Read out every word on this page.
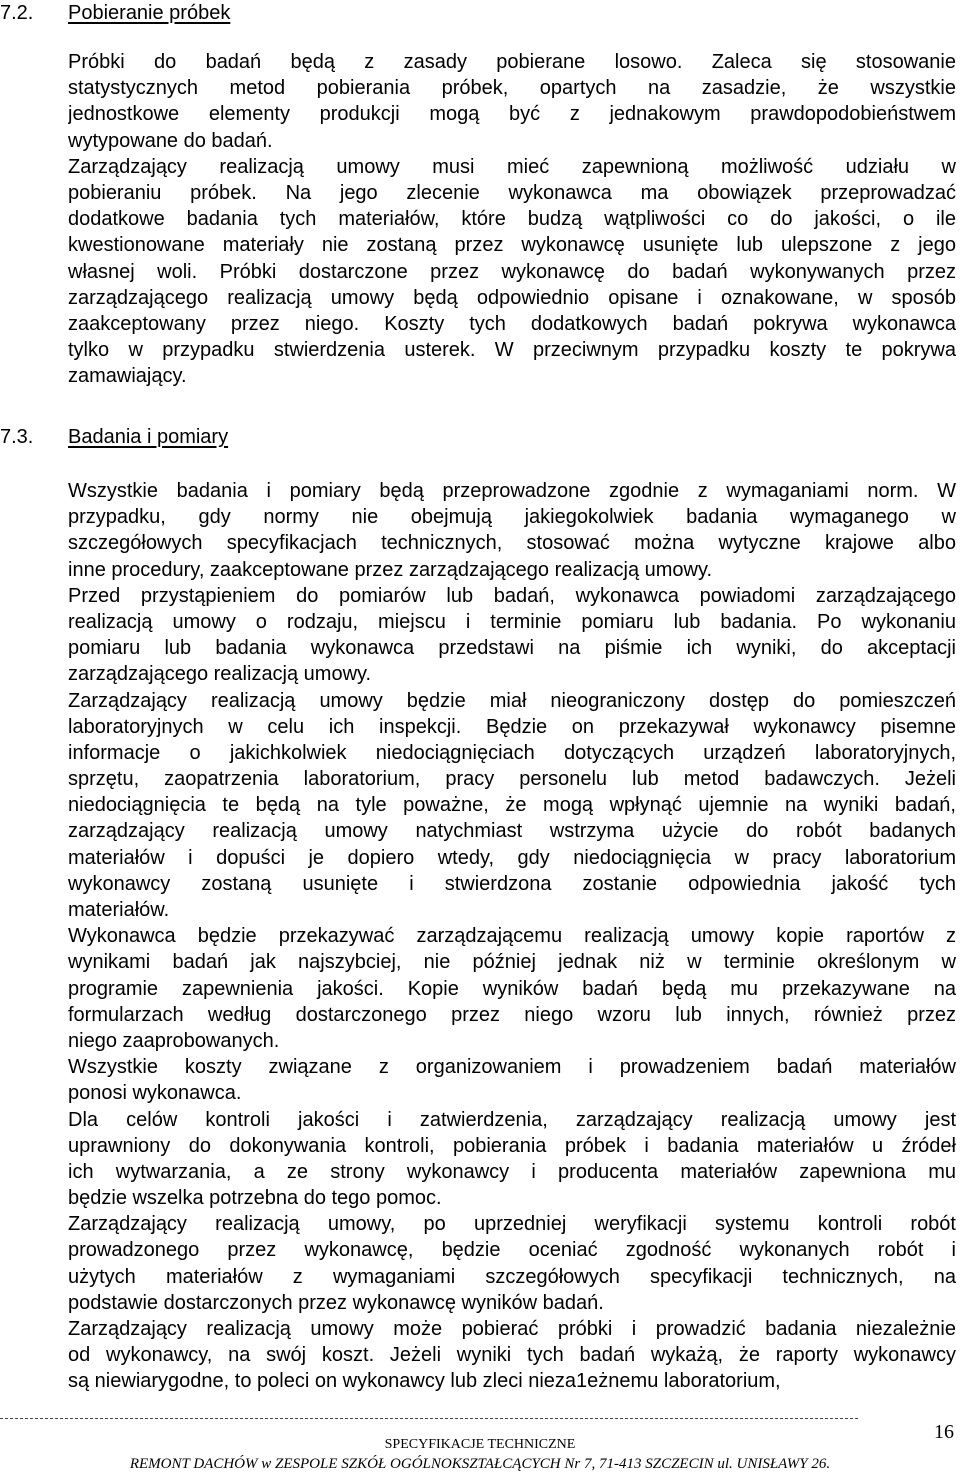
7.2. Pobieranie próbek
Próbki do badań będą z zasady pobierane losowo. Zaleca się stosowanie
statystycznych metod pobierania próbek, opartych na zasadzie, że wszystkie
jednostkowe elementy produkcji mogą być z jednakowym prawdopodobieństwem
wytypowane do badań.
Zarządzający realizacją umowy musi mieć zapewnioną możliwość udziału w
pobieraniu próbek. Na jego zlecenie wykonawca ma obowiązek przeprowadzać
dodatkowe badania tych materiałów, które budzą wątpliwości co do jakości, o ile
kwestionowane materiały nie zostaną przez wykonawcę usunięte lub ulepszone z jego
własnej woli. Próbki dostarczone przez wykonawcę do badań wykonywanych przez
zarządzającego realizacją umowy będą odpowiednio opisane i oznakowane, w sposób
zaakceptowany przez niego. Koszty tych dodatkowych badań pokrywa wykonawca
tylko w przypadku stwierdzenia usterek. W przeciwnym przypadku koszty te pokrywa
zamawiający.
7.3. Badania i pomiary
Wszystkie badania i pomiary będą przeprowadzone zgodnie z wymaganiami norm. W
przypadku, gdy normy nie obejmują jakiegokolwiek badania wymaganego w
szczegółowych specyfikacjach technicznych, stosować można wytyczne krajowe albo
inne procedury, zaakceptowane przez zarządzającego realizacją umowy.
Przed przystąpieniem do pomiarów lub badań, wykonawca powiadomi zarządzającego
realizacją umowy o rodzaju, miejscu i terminie pomiaru lub badania. Po wykonaniu
pomiaru lub badania wykonawca przedstawi na piśmie ich wyniki, do akceptacji
zarządzającego realizacją umowy.
Zarządzający realizacją umowy będzie miał nieograniczony dostęp do pomieszczeń
laboratoryjnych w celu ich inspekcji. Będzie on przekazywał wykonawcy pisemne
informacje o jakichkolwiek niedociągnięciach dotyczących urządzeń laboratoryjnych,
sprzętu, zaopatrzenia laboratorium, pracy personelu lub metod badawczych. Jeżeli
niedociągnięcia te będą na tyle poważne, że mogą wpłynąć ujemnie na wyniki badań,
zarządzający realizacją umowy natychmiast wstrzyma użycie do robót badanych
materiałów i dopuści je dopiero wtedy, gdy niedociągnięcia w pracy laboratorium
wykonawcy zostaną usunięte i stwierdzona zostanie odpowiednia jakość tych
materiałów.
Wykonawca będzie przekazywać zarządzającemu realizacją umowy kopie raportów z
wynikami badań jak najszybciej, nie później jednak niż w terminie określonym w
programie zapewnienia jakości. Kopie wyników badań będą mu przekazywane na
formularzach według dostarczonego przez niego wzoru lub innych, również przez
niego zaaprobowanych.
Wszystkie koszty związane z organizowaniem i prowadzeniem badań materiałów
ponosi wykonawca.
Dla celów kontroli jakości i zatwierdzenia, zarządzający realizacją umowy jest
uprawniony do dokonywania kontroli, pobierania próbek i badania materiałów u źródeł
ich wytwarzania, a ze strony wykonawcy i producenta materiałów zapewniona mu
będzie wszelka potrzebna do tego pomoc.
Zarządzający realizacją umowy, po uprzedniej weryfikacji systemu kontroli robót
prowadzonego przez wykonawcę, będzie oceniać zgodność wykonanych robót i
użytych materiałów z wymaganiami szczegółowych specyfikacji technicznych, na
podstawie dostarczonych przez wykonawcę wyników badań.
Zarządzający realizacją umowy może pobierać próbki i prowadzić badania niezależnie
od wykonawcy, na swój koszt. Jeżeli wyniki tych badań wykażą, że raporty wykonawcy
są niewiarygodne, to poleci on wykonawcy lub zleci nieza1eżnemu laboratorium,
16
SPECYFIKACJE TECHNICZNE
REMONT DACHÓW w ZESPOLE SZKÓŁ OGÓLNOKSZTAŁCĄCYCH Nr 7, 71-413 SZCZECIN ul. UNISŁAWY 26.
